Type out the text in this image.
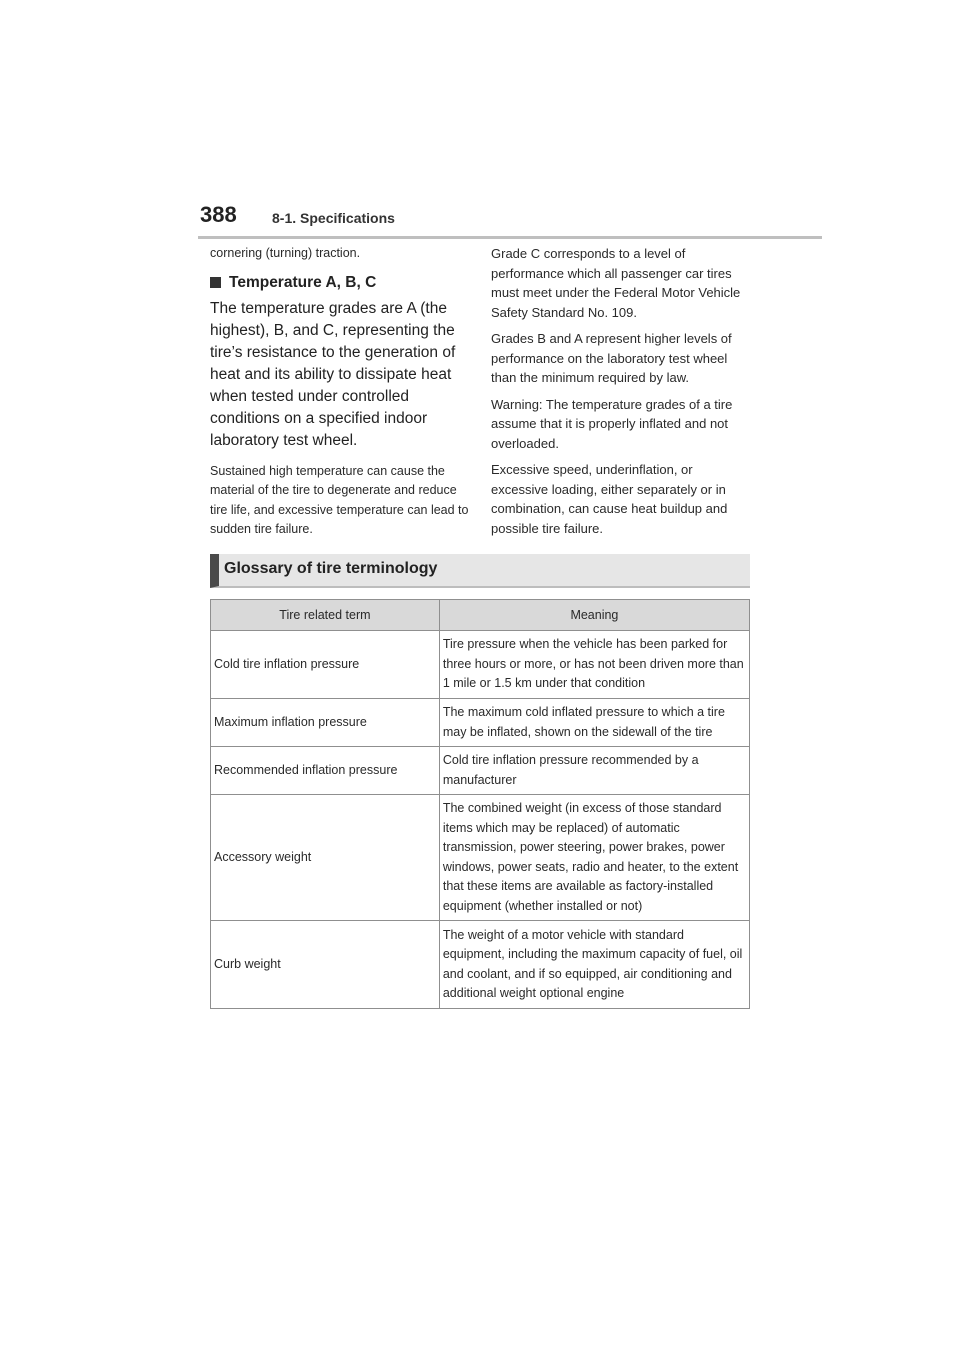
388	8-1. Specifications

cornering (turning) traction.

Temperature A, B, C

The temperature grades are A (the highest), B, and C, representing the tire’s resistance to the generation of heat and its ability to dissipate heat when tested under controlled conditions on a specified indoor laboratory test wheel.

Sustained high temperature can cause the material of the tire to degenerate and reduce tire life, and excessive temperature can lead to sudden tire failure.

Grade C corresponds to a level of performance which all passenger car tires must meet under the Federal Motor Vehicle Safety Standard No. 109.

Grades B and A represent higher levels of performance on the laboratory test wheel than the minimum required by law.

Warning: The temperature grades of a tire assume that it is properly inflated and not overloaded.

Excessive speed, underinflation, or excessive loading, either separately or in combination, can cause heat buildup and possible tire failure.

Glossary of tire terminology
Tire related term	Meaning
Cold tire inflation pressure	Tire pressure when the vehicle has been parked for three hours or more, or has not been driven more than 1 mile or 1.5 km under that condition
Maximum inflation pressure	The maximum cold inflated pressure to which a tire may be inflated, shown on the sidewall of the tire
Recommended inflation pressure	Cold tire inflation pressure recommended by a manufacturer
Accessory weight	The combined weight (in excess of those standard items which may be replaced) of automatic transmission, power steering, power brakes, power windows, power seats, radio and heater, to the extent that these items are available as factory-installed equipment (whether installed or not)
Curb weight	The weight of a motor vehicle with standard equipment, including the maximum capacity of fuel, oil and coolant, and if so equipped, air conditioning and additional weight optional engine
